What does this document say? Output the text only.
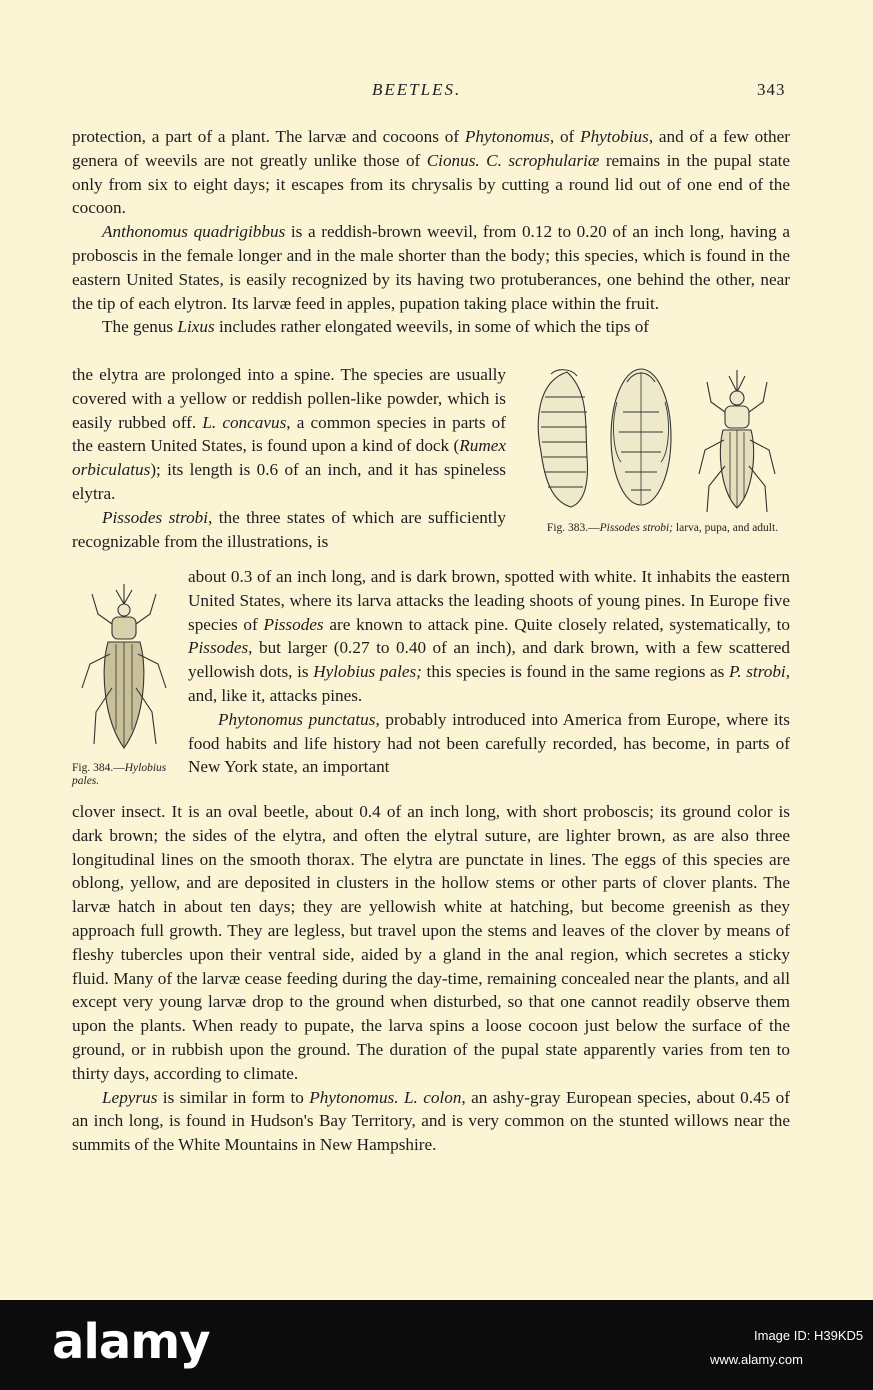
BEETLES.	343

protection, a part of a plant. The larvæ and cocoons of Phytonomus, of Phytobius, and of a few other genera of weevils are not greatly unlike those of Cionus. C. scrophulariæ remains in the pupal state only from six to eight days; it escapes from its chrysalis by cutting a round lid out of one end of the cocoon.

Anthonomus quadrigibbus is a reddish-brown weevil, from 0.12 to 0.20 of an inch long, having a proboscis in the female longer and in the male shorter than the body; this species, which is found in the eastern United States, is easily recognized by its having two protuberances, one behind the other, near the tip of each elytron. Its larvæ feed in apples, pupation taking place within the fruit.

The genus Lixus includes rather elongated weevils, in some of which the tips of

the elytra are prolonged into a spine. The species are usually covered with a yellow or reddish pollen-like powder, which is easily rubbed off. L. concavus, a common species in parts of the eastern United States, is found upon a kind of dock (Rumex orbiculatus); its length is 0.6 of an inch, and it has spineless elytra.

Pissodes strobi, the three states of which are sufficiently recognizable from the illustrations, is

about 0.3 of an inch long, and is dark brown, spotted with white. It inhabits the eastern United States, where its larva attacks the leading shoots of young pines. In Europe five species of Pissodes are known to attack pine. Quite closely related, systematically, to Pissodes, but larger (0.27 to 0.40 of an inch), and dark brown, with a few scattered yellowish dots, is Hylobius pales; this species is found in the same regions as P. strobi, and, like it, attacks pines.

Phytonomus punctatus, probably introduced into America from Europe, where its food habits and life history had not been carefully recorded, has become, in parts of New York state, an important

clover insect. It is an oval beetle, about 0.4 of an inch long, with short proboscis; its ground color is dark brown; the sides of the elytra, and often the elytral suture, are lighter brown, as are also three longitudinal lines on the smooth thorax. The elytra are punctate in lines. The eggs of this species are oblong, yellow, and are deposited in clusters in the hollow stems or other parts of clover plants. The larvæ hatch in about ten days; they are yellowish white at hatching, but become greenish as they approach full growth. They are legless, but travel upon the stems and leaves of the clover by means of fleshy tubercles upon their ventral side, aided by a gland in the anal region, which secretes a sticky fluid. Many of the larvæ cease feeding during the day-time, remaining concealed near the plants, and all except very young larvæ drop to the ground when disturbed, so that one cannot readily observe them upon the plants. When ready to pupate, the larva spins a loose cocoon just below the surface of the ground, or in rubbish upon the ground. The duration of the pupal state apparently varies from ten to thirty days, according to climate.

Lepyrus is similar in form to Phytonomus. L. colon, an ashy-gray European species, about 0.45 of an inch long, is found in Hudson's Bay Territory, and is very common on the stunted willows near the summits of the White Mountains in New Hampshire.

Fig. 383.—Pissodes strobi; larva, pupa, and adult.
Fig. 384.—Hylobius pales.
alamy	Image ID: H39KD5
www.alamy.com
